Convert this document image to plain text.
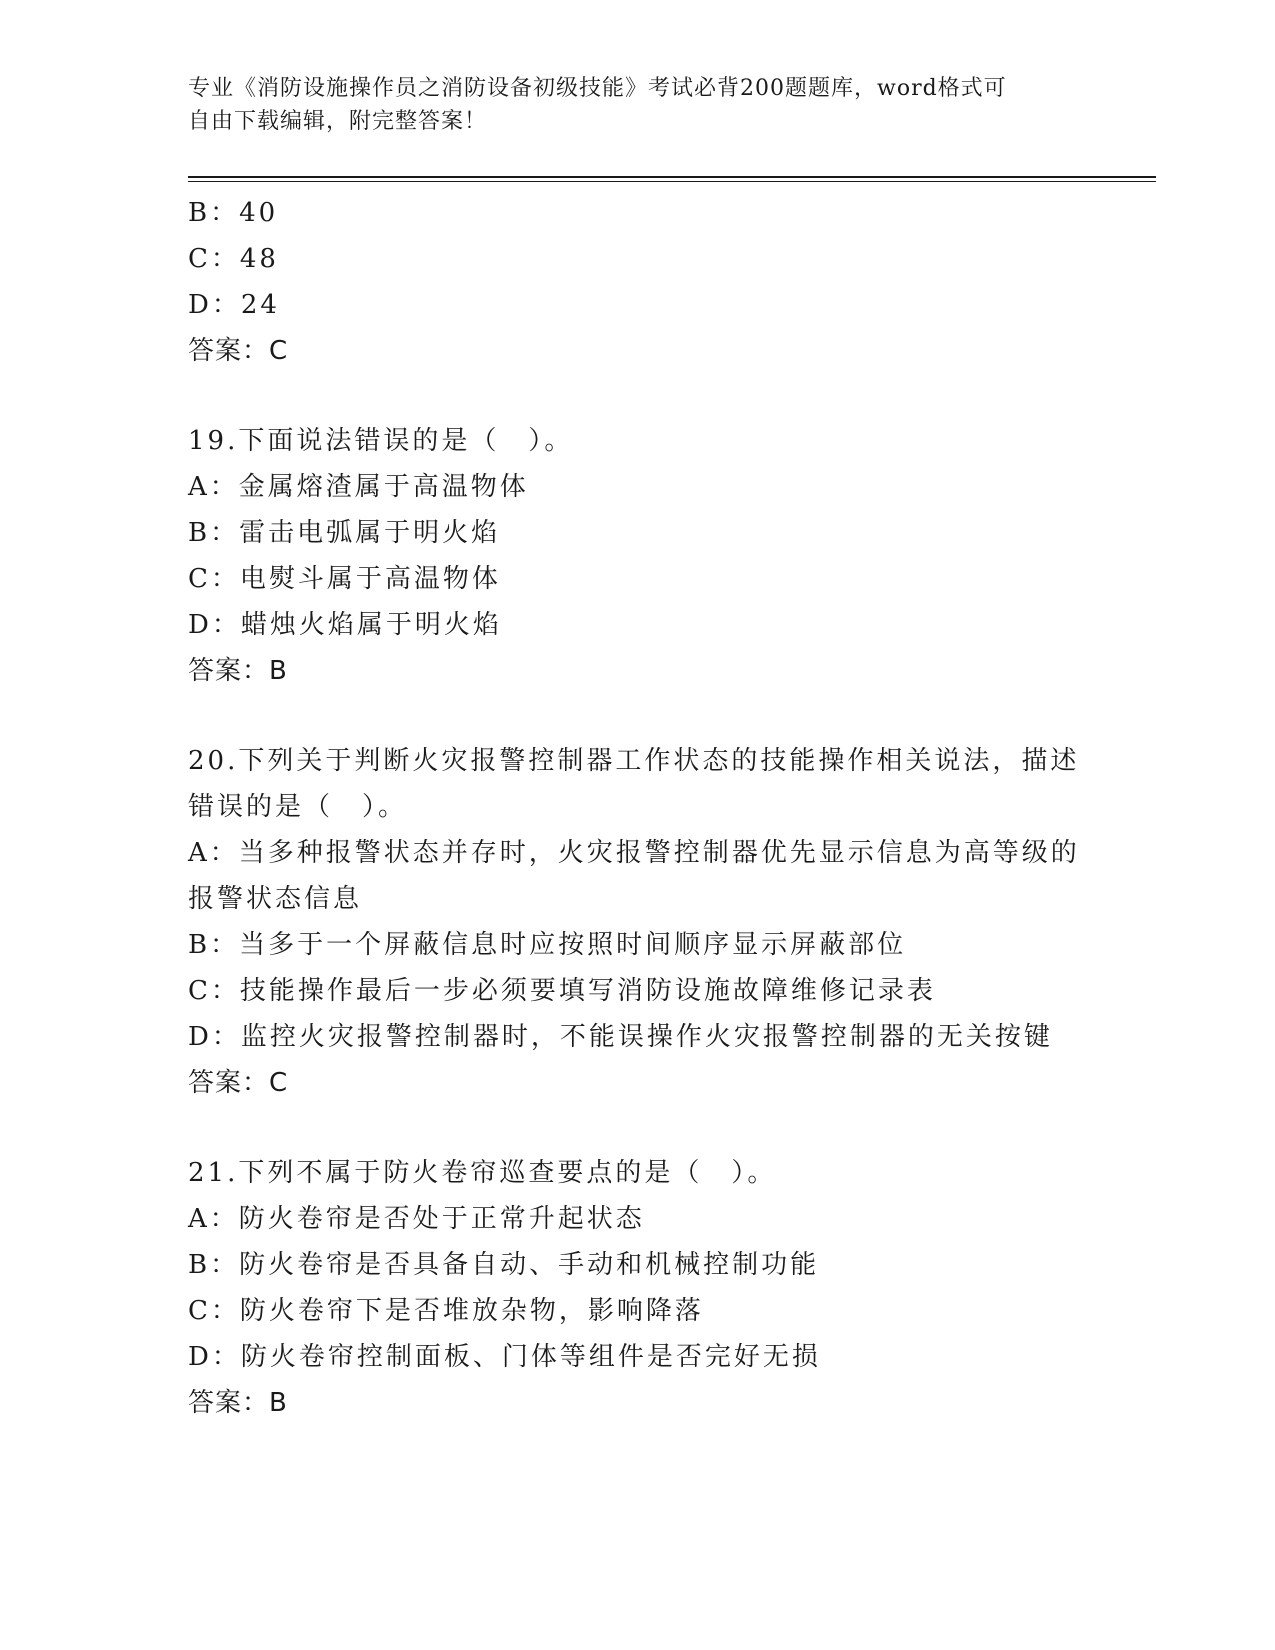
专业《消防设施操作员之消防设备初级技能》考试必背200题题库，word格式可
自由下载编辑，附完整答案！
B：40
C：48
D：24
答案：C
19.下面说法错误的是（　）。
A：金属熔渣属于高温物体
B：雷击电弧属于明火焰
C：电熨斗属于高温物体
D：蜡烛火焰属于明火焰
答案：B
20.下列关于判断火灾报警控制器工作状态的技能操作相关说法，描述
错误的是（　）。
A：当多种报警状态并存时，火灾报警控制器优先显示信息为高等级的
报警状态信息
B：当多于一个屏蔽信息时应按照时间顺序显示屏蔽部位
C：技能操作最后一步必须要填写消防设施故障维修记录表
D：监控火灾报警控制器时，不能误操作火灾报警控制器的无关按键
答案：C
21.下列不属于防火卷帘巡查要点的是（　）。
A：防火卷帘是否处于正常升起状态
B：防火卷帘是否具备自动、手动和机械控制功能
C：防火卷帘下是否堆放杂物，影响降落
D：防火卷帘控制面板、门体等组件是否完好无损
答案：B
